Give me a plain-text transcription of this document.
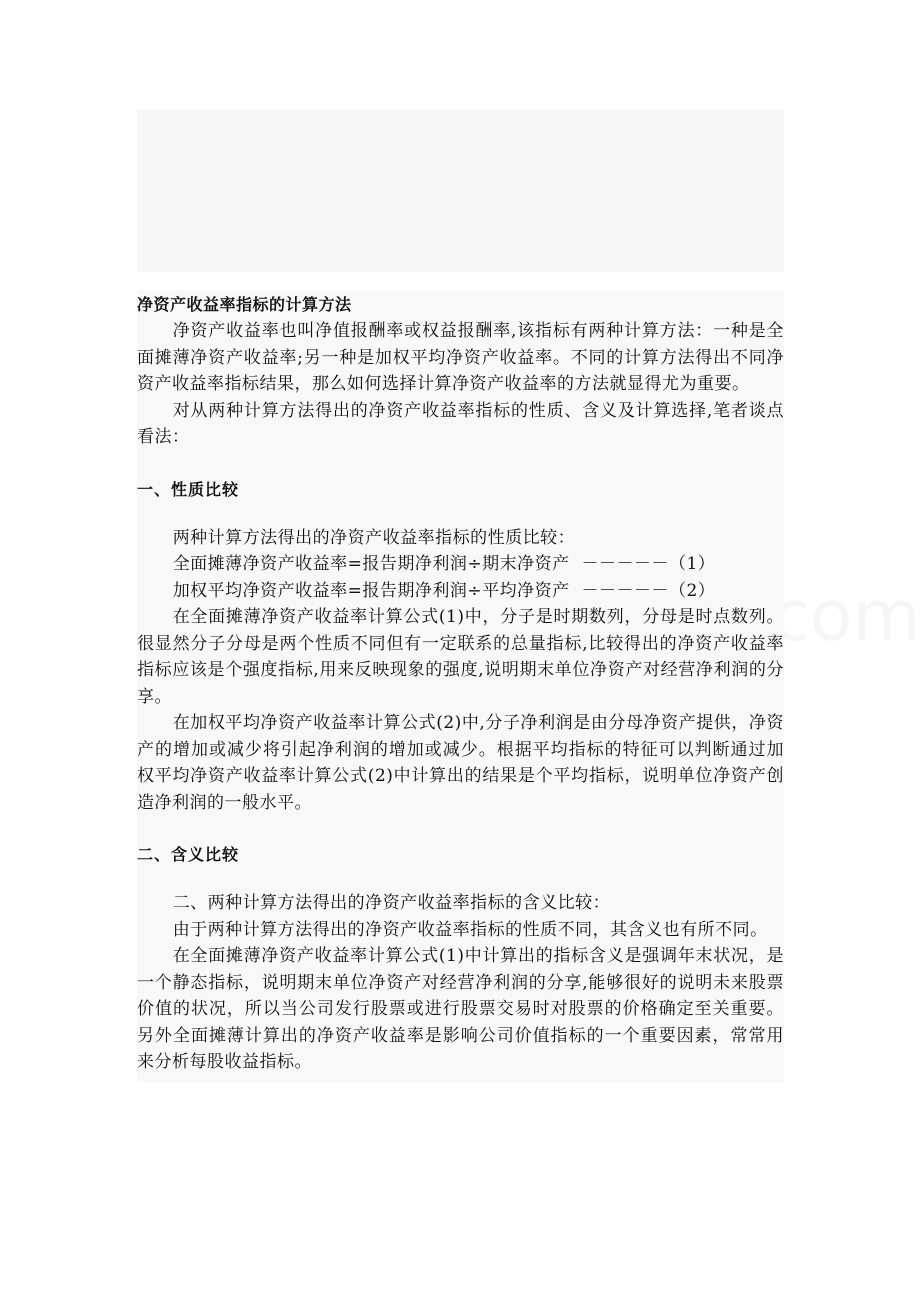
净资产收益率指标的计算方法

净资产收益率也叫净值报酬率或权益报酬率,该指标有两种计算方法：一种是全面摊薄净资产收益率;另一种是加权平均净资产收益率。不同的计算方法得出不同净资产收益率指标结果，那么如何选择计算净资产收益率的方法就显得尤为重要。

对从两种计算方法得出的净资产收益率指标的性质、含义及计算选择,笔者谈点看法：

一、性质比较
两种计算方法得出的净资产收益率指标的性质比较：
全面摊薄净资产收益率=报告期净利润÷期末净资产  －－－－－（1）
加权平均净资产收益率=报告期净利润÷平均净资产  －－－－－（2）

在全面摊薄净资产收益率计算公式(1)中，分子是时期数列，分母是时点数列。很显然分子分母是两个性质不同但有一定联系的总量指标,比较得出的净资产收益率指标应该是个强度指标,用来反映现象的强度,说明期末单位净资产对经营净利润的分享。

在加权平均净资产收益率计算公式(2)中,分子净利润是由分母净资产提供，净资产的增加或减少将引起净利润的增加或减少。根据平均指标的特征可以判断通过加权平均净资产收益率计算公式(2)中计算出的结果是个平均指标，说明单位净资产创造净利润的一般水平。

二、含义比较
二、两种计算方法得出的净资产收益率指标的含义比较：

由于两种计算方法得出的净资产收益率指标的性质不同，其含义也有所不同。

在全面摊薄净资产收益率计算公式(1)中计算出的指标含义是强调年末状况，是一个静态指标，说明期末单位净资产对经营净利润的分享,能够很好的说明未来股票价值的状况，所以当公司发行股票或进行股票交易时对股票的价格确定至关重要。另外全面摊薄计算出的净资产收益率是影响公司价值指标的一个重要因素，常常用来分析每股收益指标。
